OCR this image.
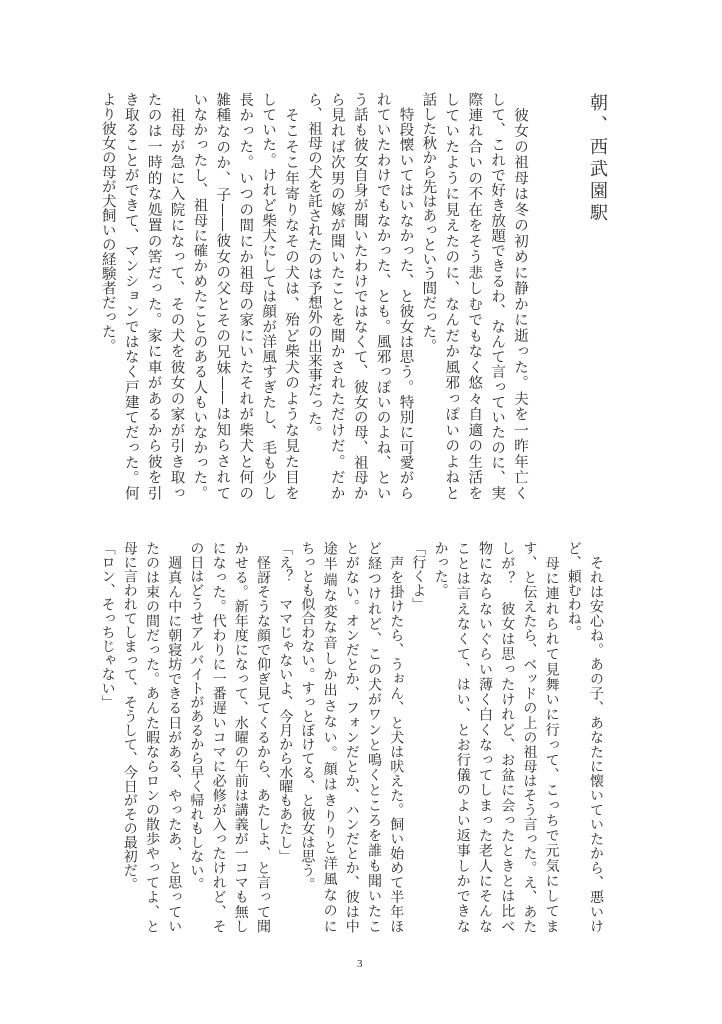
朝、西武園駅
3
　彼女の祖母は冬の初めに静かに逝った。夫を一昨年亡く
して、これで好き放題できるわ、なんて言っていたのに、実
際連れ合いの不在をそう悲しむでもなく悠々自適の生活を
していたように見えたのに、なんだか風邪っぽいのよねと
話した秋から先はあっという間だった。
　特段懐いてはいなかった、と彼女は思う。特別に可愛がら
れていたわけでもなかった、とも。風邪っぽいのよね、とい
う話も彼女自身が聞いたわけではなくて、彼女の母、祖母か
ら見れば次男の嫁が聞いたことを聞かされただけだ。だか
ら、祖母の犬を託されたのは予想外の出来事だった。
　そこそこ年寄りなその犬は、殆ど柴犬のような見た目を
していた。けれど柴犬にしては顔が洋風すぎたし、毛も少し
長かった。いつの間にか祖母の家にいたそれが柴犬と何の
雑種なのか、子——彼女の父とその兄妹——は知らされて
いなかったし、祖母に確かめたことのある人もいなかった。
　祖母が急に入院になって、その犬を彼女の家が引き取っ
たのは一時的な処置の筈だった。家に車があるから彼を引
き取ることができて、マンションではなく戸建てだった。何
より彼女の母が犬飼いの経験者だった。
　それは安心ね。あの子、あなたに懐いていたから、悪いけ
ど、頼むわね。
　母に連れられて見舞いに行って、こっちで元気にしてま
す、と伝えたら、ベッドの上の祖母はそう言った。え、あた
しが？　彼女は思ったけれど、お盆に会ったときとは比べ
物にならないぐらい薄く白くなってしまった老人にそんな
ことは言えなくて、はい、とお行儀のよい返事しかできな
かった。
「行くよ」
　声を掛けたら、うぉん、と犬は吠えた。飼い始めて半年ほ
ど経つけれど、この犬がワンと鳴くところを誰も聞いたこ
とがない。オンだとか、フォンだとか、ハンだとか、彼は中
途半端な変な音しか出さない。顔はきりりと洋風なのに
ちっとも似合わない。すっとぼけてる、と彼女は思う。
「え？　ママじゃないよ、今月から水曜もあたし」
　怪訝そうな顔で仰ぎ見てくるから、あたしよ、と言って聞
かせる。新年度になって、水曜の午前は講義が一コマも無し
になった。代わりに一番遅いコマに必修が入ったけれど、そ
の日はどうせアルバイトがあるから早く帰れもしない。
　週真ん中に朝寝坊できる日がある、やったあ、と思ってい
たのは束の間だった。あんた暇ならロンの散歩やってよ、と
母に言われてしまって、そうして、今日がその最初だ。
「ロン、そっちじゃない」
